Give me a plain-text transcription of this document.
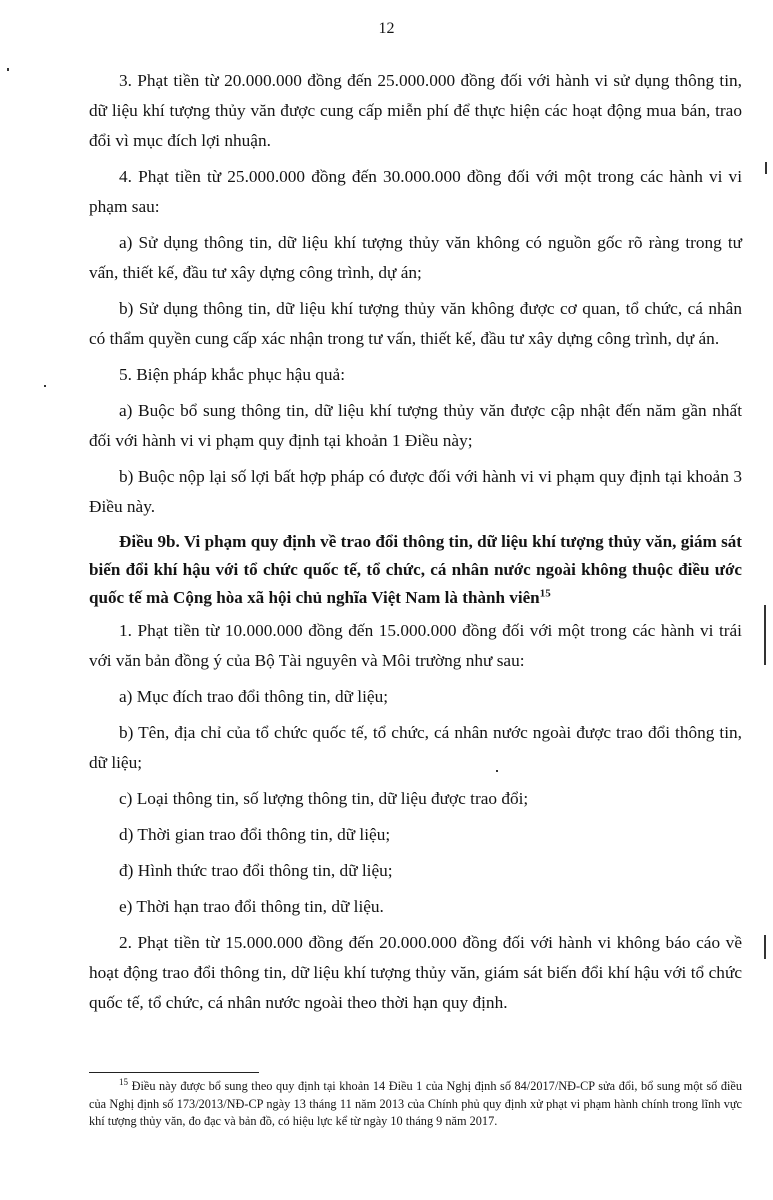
12

3. Phạt tiền từ 20.000.000 đồng đến 25.000.000 đồng đối với hành vi sử dụng thông tin, dữ liệu khí tượng thủy văn được cung cấp miễn phí để thực hiện các hoạt động mua bán, trao đổi vì mục đích lợi nhuận.

4. Phạt tiền từ 25.000.000 đồng đến 30.000.000 đồng đối với một trong các hành vi vi phạm sau:

a) Sử dụng thông tin, dữ liệu khí tượng thủy văn không có nguồn gốc rõ ràng trong tư vấn, thiết kế, đầu tư xây dựng công trình, dự án;

b) Sử dụng thông tin, dữ liệu khí tượng thủy văn không được cơ quan, tổ chức, cá nhân có thẩm quyền cung cấp xác nhận trong tư vấn, thiết kế, đầu tư xây dựng công trình, dự án.

5. Biện pháp khắc phục hậu quả:

a) Buộc bổ sung thông tin, dữ liệu khí tượng thủy văn được cập nhật đến năm gần nhất đối với hành vi vi phạm quy định tại khoản 1 Điều này;

b) Buộc nộp lại số lợi bất hợp pháp có được đối với hành vi vi phạm quy định tại khoản 3 Điều này.

Điều 9b. Vi phạm quy định về trao đổi thông tin, dữ liệu khí tượng thủy văn, giám sát biến đổi khí hậu với tổ chức quốc tế, tổ chức, cá nhân nước ngoài không thuộc điều ước quốc tế mà Cộng hòa xã hội chủ nghĩa Việt Nam là thành viên$^{15}$

1. Phạt tiền từ 10.000.000 đồng đến 15.000.000 đồng đối với một trong các hành vi trái với văn bản đồng ý của Bộ Tài nguyên và Môi trường như sau:

a) Mục đích trao đổi thông tin, dữ liệu;

b) Tên, địa chỉ của tổ chức quốc tế, tổ chức, cá nhân nước ngoài được trao đổi thông tin, dữ liệu;

c) Loại thông tin, số lượng thông tin, dữ liệu được trao đổi;

d) Thời gian trao đổi thông tin, dữ liệu;

đ) Hình thức trao đổi thông tin, dữ liệu;

e) Thời hạn trao đổi thông tin, dữ liệu.

2. Phạt tiền từ 15.000.000 đồng đến 20.000.000 đồng đối với hành vi không báo cáo về hoạt động trao đổi thông tin, dữ liệu khí tượng thủy văn, giám sát biến đổi khí hậu với tổ chức quốc tế, tổ chức, cá nhân nước ngoài theo thời hạn quy định.

$^{15}$ Điều này được bổ sung theo quy định tại khoản 14 Điều 1 của Nghị định số 84/2017/NĐ-CP sửa đổi, bổ sung một số điều của Nghị định số 173/2013/NĐ-CP ngày 13 tháng 11 năm 2013 của Chính phủ quy định xử phạt vi phạm hành chính trong lĩnh vực khí tượng thủy văn, đo đạc và bản đồ, có hiệu lực kể từ ngày 10 tháng 9 năm 2017.
